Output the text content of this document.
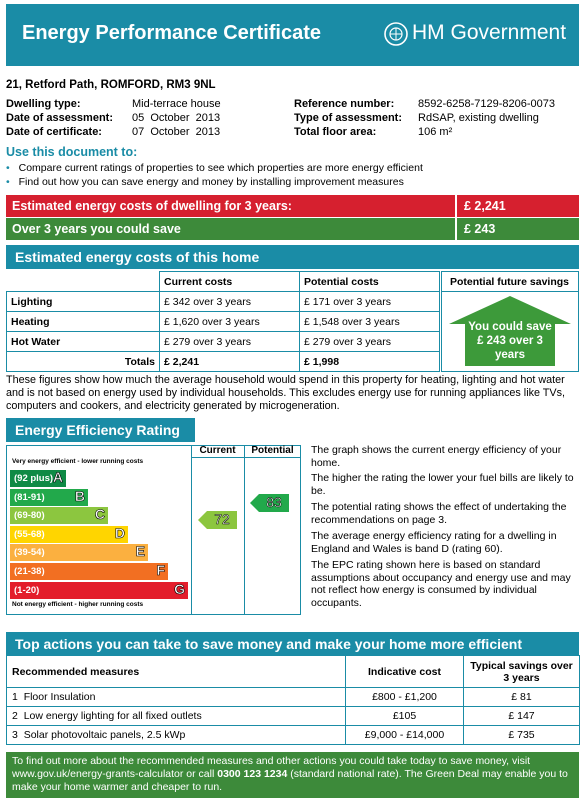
Energy Performance Certificate	HM Government
21, Retford Path, ROMFORD, RM3 9NL
Dwelling type:	Mid-terrace house
Date of assessment: 05  October  2013
Date of certificate:	07  October  2013
Reference number: 8592-6258-7129-8206-0073
Type of assessment: RdSAP, existing dwelling
Total floor area:	106 m²
Use this document to:
• Compare current ratings of properties to see which properties are more energy efficient
• Find out how you can save energy and money by installing improvement measures
Estimated energy costs of dwelling for 3 years:	£ 2,241
Over 3 years you could save	£ 243
Estimated energy costs of this home
	Current costs	Potential costs
Lighting	£ 342 over 3 years	£ 171 over 3 years
Heating	£ 1,620 over 3 years	£ 1,548 over 3 years
Hot Water	£ 279 over 3 years	£ 279 over 3 years
Totals	£ 2,241	£ 1,998
Potential future savings
You could save £ 243 over 3 years
These figures show how much the average household would spend in this property for heating, lighting and hot water and is not based on energy used by individual households. This excludes energy use for running appliances like TVs, computers and cookers, and electricity generated by microgeneration.
Energy Efficiency Rating
Current	Potential
Very energy efficient - lower running costs
Not energy efficient - higher running costs
(92 plus) A
(81-91) B
(69-80)	C
(55-68)	D
(39-54)	E
(21-38)	F
(1-20)	G
72
83
The graph shows the current energy efficiency of your home.
The higher the rating the lower your fuel bills are likely to be.
The potential rating shows the effect of undertaking the recommendations on page 3.
The average energy efficiency rating for a dwelling in England and Wales is band D (rating 60).
The EPC rating shown here is based on standard assumptions about occupancy and energy use and may not reflect how energy is consumed by individual occupants.
Top actions you can take to save money and make your home more efficient
Recommended measures	Indicative cost	Typical savings over 3 years
1 Floor Insulation	£800 - £1,200	£ 81
2 Low energy lighting for all fixed outlets	£105	£ 147
3 Solar photovoltaic panels, 2.5 kWp	£9,000 - £14,000	£ 735
To find out more about the recommended measures and other actions you could take today to save money, visit www.gov.uk/energy-grants-calculator or call 0300 123 1234 (standard national rate). The Green Deal may enable you to make your home warmer and cheaper to run.
